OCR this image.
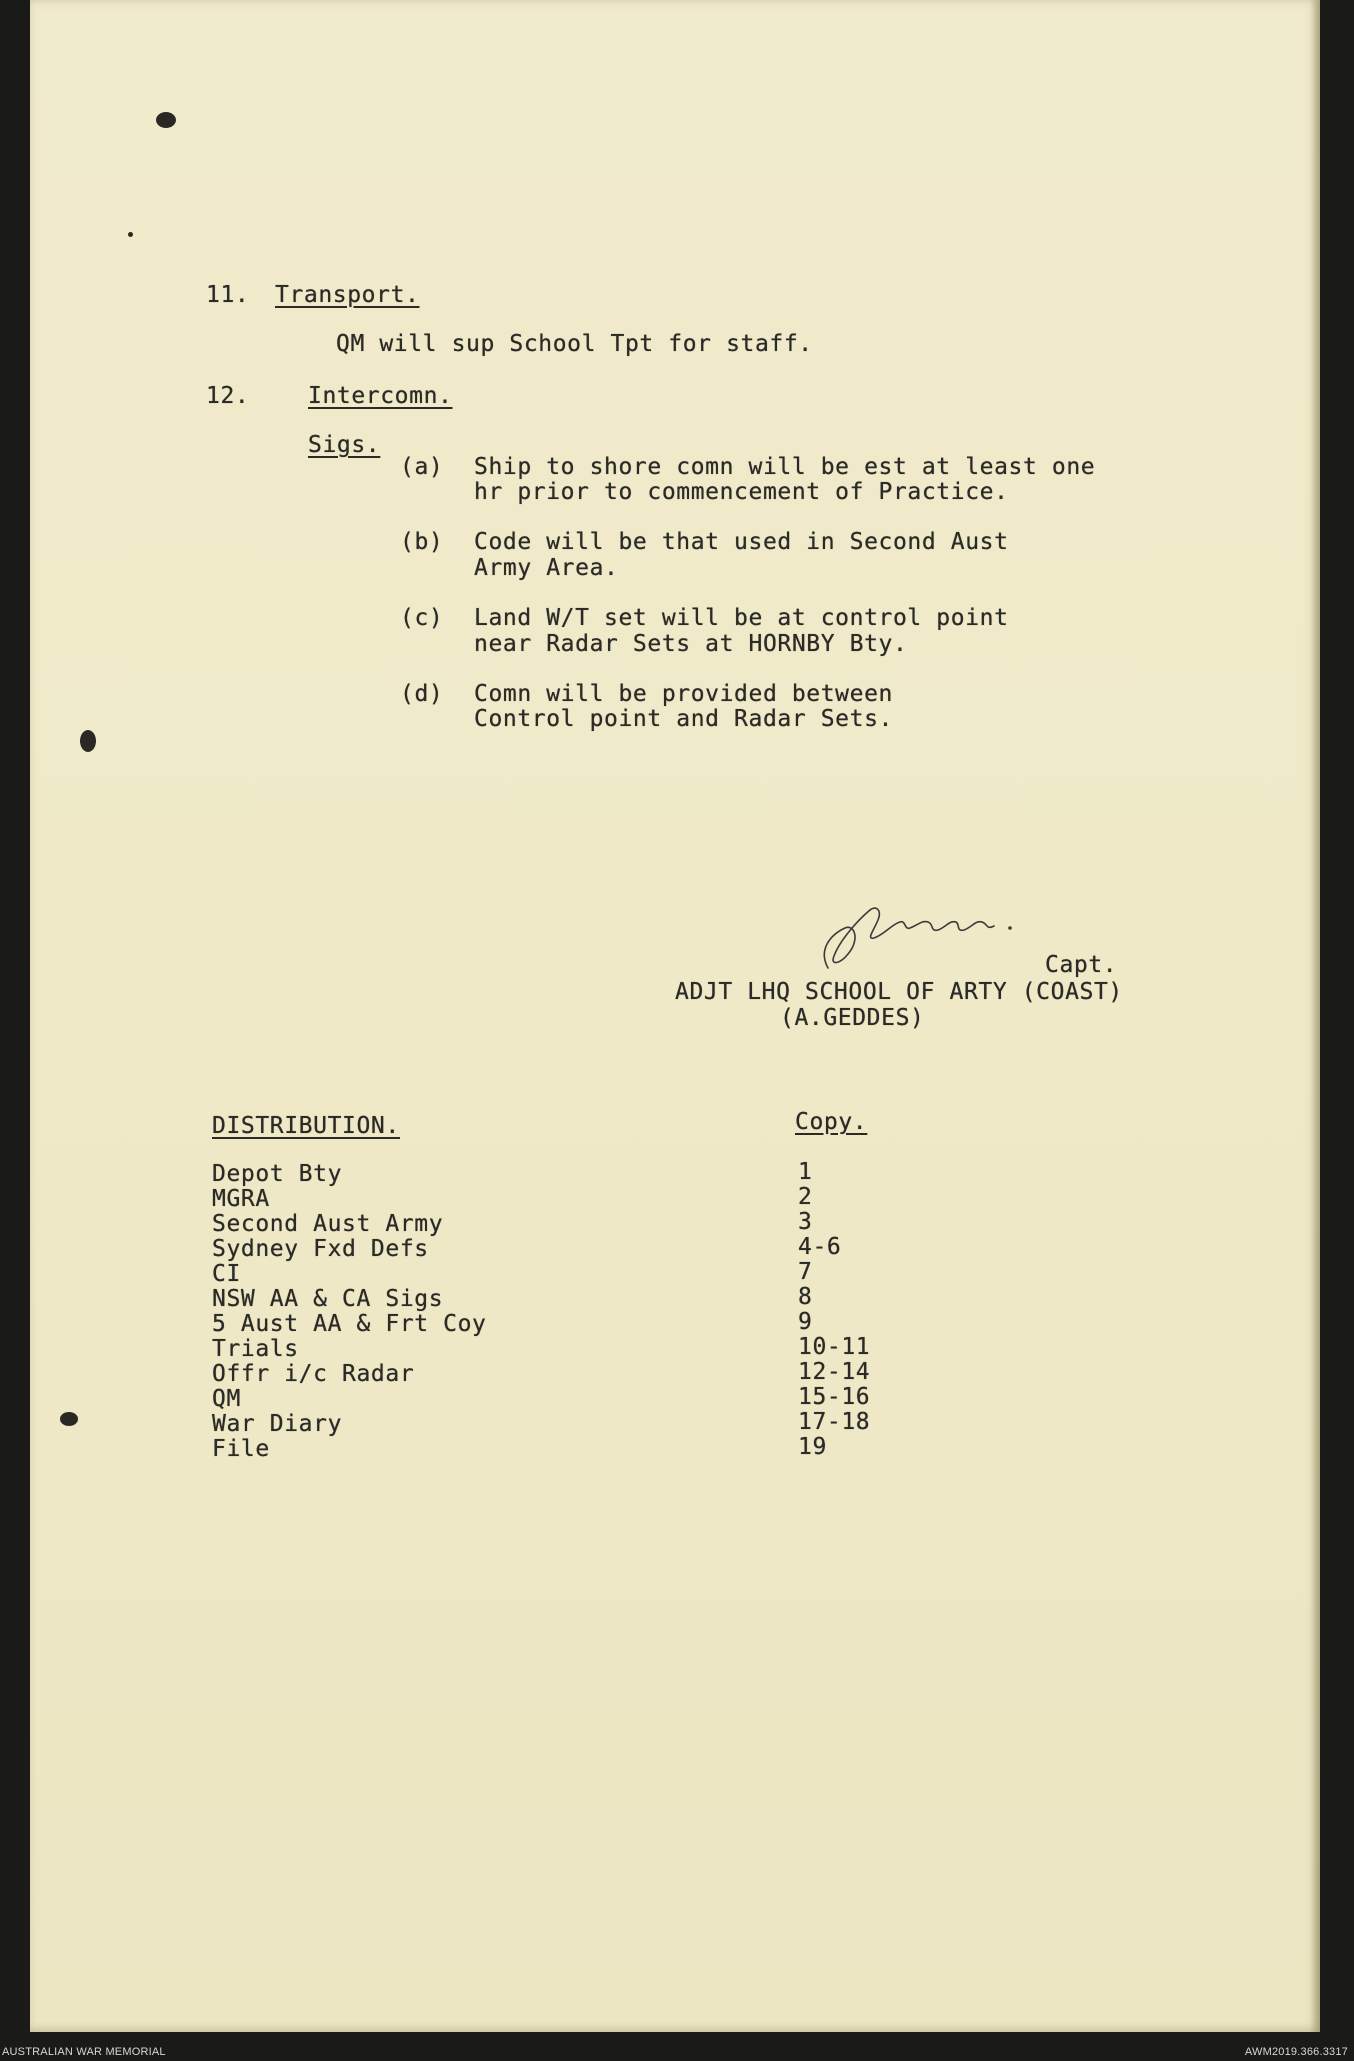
11. Transport.
QM will sup School Tpt for staff.
12.	Intercomn.
Sigs.
(a) Ship to shore comn will be est at least one
hr prior to commencement of Practice.
(b) Code will be that used in Second Aust
Army Area.
(c) Land W/T set will be at control point
near Radar Sets at HORNBY Bty.
(d) Comn will be provided between
Control point and Radar Sets.
Capt.
ADJT LHQ SCHOOL OF ARTY (COAST)
(A.GEDDES)
DISTRIBUTION.	Copy.
Depot Bty	1
MGRA	2
Second Aust Army	3
Sydney Fxd Defs	4-6
CI	7
NSW AA & CA Sigs	8
5 Aust AA & Frt Coy	9
Trials	10-11
Offr i/c Radar	12-14
QM	15-16
War Diary	17-18
File	19
AUSTRALIAN WAR MEMORIAL	AWM2019.366.3317
